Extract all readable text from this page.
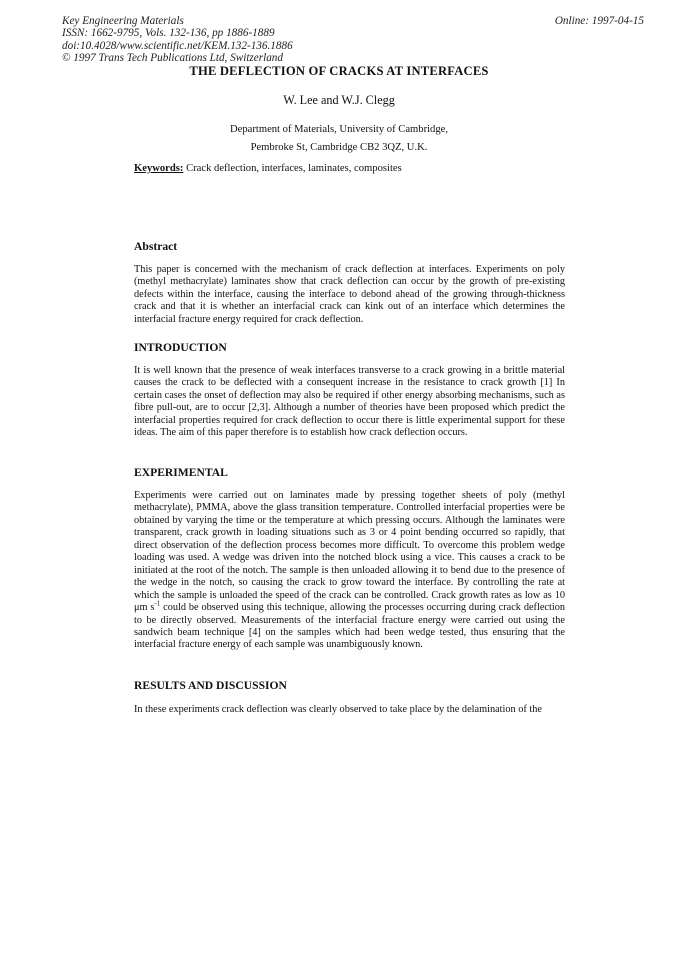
Key Engineering Materials
ISSN: 1662-9795, Vols. 132-136, pp 1886-1889
doi:10.4028/www.scientific.net/KEM.132-136.1886
© 1997 Trans Tech Publications Ltd, Switzerland
Online: 1997-04-15
THE DEFLECTION OF CRACKS AT INTERFACES
W. Lee and W.J. Clegg
Department of Materials, University of Cambridge,
Pembroke St, Cambridge CB2 3QZ, U.K.
Keywords: Crack deflection, interfaces, laminates, composites
Abstract
This paper is concerned with the mechanism of crack deflection at interfaces. Experiments on poly (methyl methacrylate) laminates show that crack deflection can occur by the growth of pre-existing defects within the interface, causing the interface to debond ahead of the growing through-thickness crack and that it is whether an interfacial crack can kink out of an interface which determines the interfacial fracture energy required for crack deflection.
INTRODUCTION
It is well known that the presence of weak interfaces transverse to a crack growing in a brittle material causes the crack to be deflected with a consequent increase in the resistance to crack growth [1] In certain cases the onset of deflection may also be required if other energy absorbing mechanisms, such as fibre pull-out, are to occur [2,3]. Although a number of theories have been proposed which predict the interfacial properties required for crack deflection to occur there is little experimental support for these ideas. The aim of this paper therefore is to establish how crack deflection occurs.
EXPERIMENTAL
Experiments were carried out on laminates made by pressing together sheets of poly (methyl methacrylate), PMMA, above the glass transition temperature. Controlled interfacial properties were be obtained by varying the time or the temperature at which pressing occurs. Although the laminates were transparent, crack growth in loading situations such as 3 or 4 point bending occurred so rapidly, that direct observation of the deflection process becomes more difficult. To overcome this problem wedge loading was used. A wedge was driven into the notched block using a vice. This causes a crack to be initiated at the root of the notch. The sample is then unloaded allowing it to bend due to the presence of the wedge in the notch, so causing the crack to grow toward the interface. By controlling the rate at which the sample is unloaded the speed of the crack can be controlled. Crack growth rates as low as 10 μm $s^{-1}$ could be observed using this technique, allowing the processes occurring during crack deflection to be directly observed. Measurements of the interfacial fracture energy were carried out using the sandwich beam technique [4] on the samples which had been wedge tested, thus ensuring that the interfacial fracture energy of each sample was unambiguously known.
RESULTS AND DISCUSSION
In these experiments crack deflection was clearly observed to take place by the delamination of the
